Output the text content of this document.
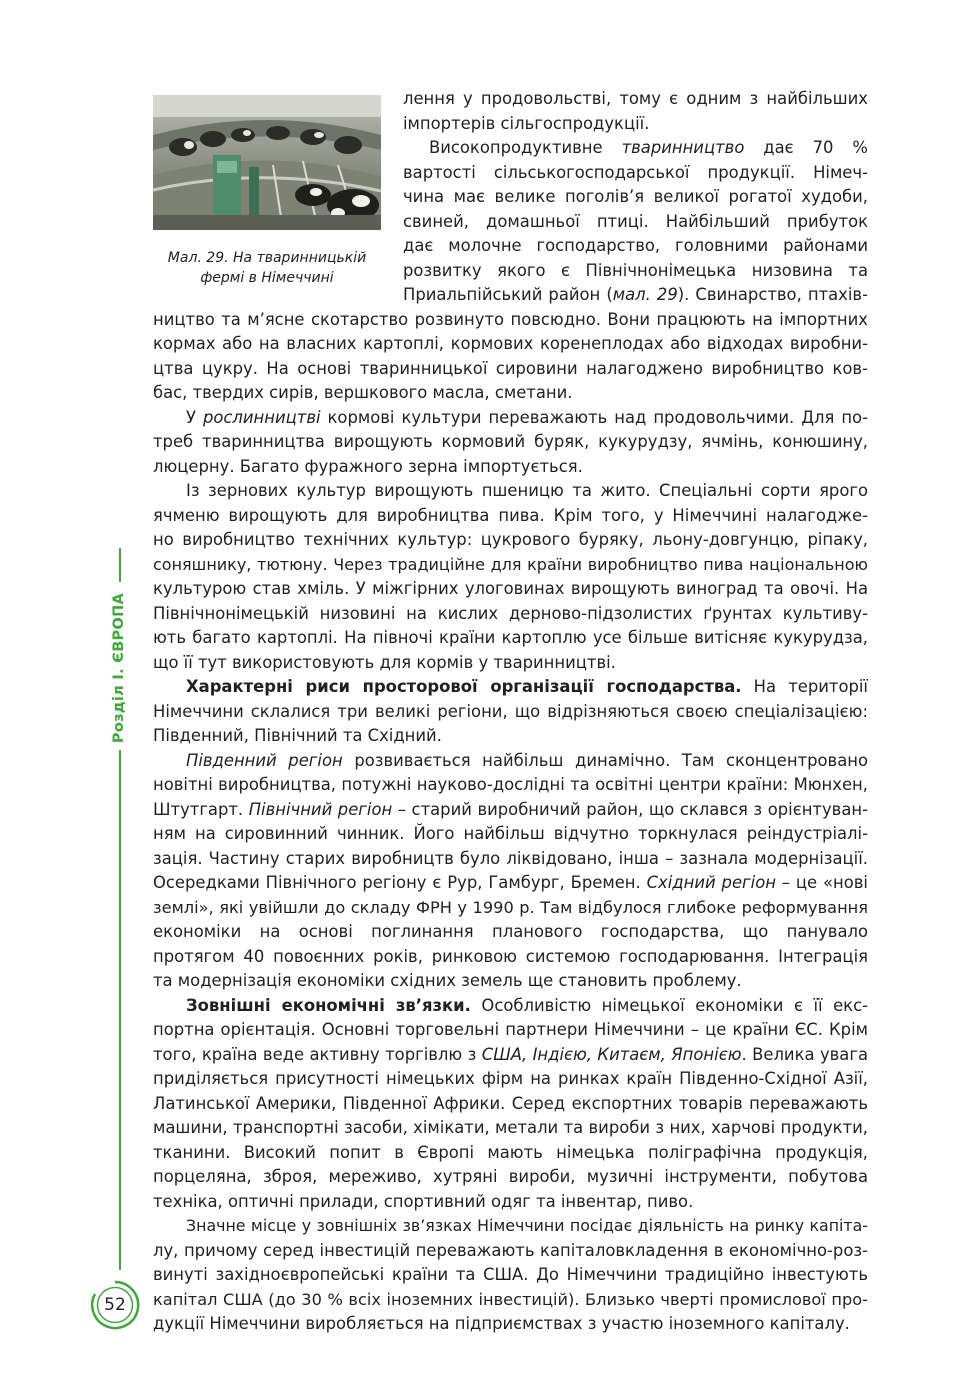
Мал. 29. На тваринницькій
фермі в Німеччині
лення у продовольстві, тому є одним з найбільших
імпортерів сільгоспродукції.
Високопродуктивне тваринництво дає 70 %
вартості сільськогосподарської продукції. Німеч-
чина має велике поголів’я великої рогатої худоби,
свиней, домашньої птиці. Найбільший прибуток
дає молочне господарство, головними районами
розвитку якого є Північнонімецька низовина та
Приальпійський район (мал. 29). Свинарство, птахів-
ництво та м’ясне скотарство розвинуто повсюдно. Вони працюють на імпортних
кормах або на власних картоплі, кормових коренеплодах або відходах виробни-
цтва цукру. На основі тваринницької сировини налагоджено виробництво ков-
бас, твердих сирів, вершкового масла, сметани.
У рослинництві кормові культури переважають над продовольчими. Для по-
треб тваринництва вирощують кормовий буряк, кукурудзу, ячмінь, конюшину,
люцерну. Багато фуражного зерна імпортується.
Із зернових культур вирощують пшеницю та жито. Спеціальні сорти ярого
ячменю вирощують для виробництва пива. Крім того, у Німеччині налагодже-
но виробництво технічних культур: цукрового буряку, льону-довгунцю, ріпаку,
соняшнику, тютюну. Через традиційне для країни виробництво пива національною
культурою став хміль. У міжгірних улоговинах вирощують виноград та овочі. На
Північнонімецькій низовині на кислих дерново-підзолистих ґрунтах культиву-
ють багато картоплі. На півночі країни картоплю усе більше витісняє кукурудза,
що її тут використовують для кормів у тваринництві.
Характерні риси просторової організації господарства. На території
Німеччини склалися три великі регіони, що відрізняються своєю спеціалізацією:
Південний, Північний та Східний.
Південний регіон розвивається найбільш динамічно. Там сконцентровано
новітні виробництва, потужні науково-дослідні та освітні центри країни: Мюнхен,
Штутгарт. Північний регіон – старий виробничий район, що склався з орієнтуван-
ням на сировинний чинник. Його найбільш відчутно торкнулася реіндустріалі-
зація. Частину старих виробництв було ліквідовано, інша – зазнала модернізації.
Осередками Північного регіону є Рур, Гамбург, Бремен. Східний регіон – це «нові
землі», які увійшли до складу ФРН у 1990 р. Там відбулося глибоке реформування
економіки на основі поглинання планового господарства, що панувало
протягом 40 повоєнних років, ринковою системою господарювання. Інтеграція
та модернізація економіки східних земель ще становить проблему.
Зовнішні економічні зв’язки. Особливістю німецької економіки є її екс-
портна орієнтація. Основні торговельні партнери Німеччини – це країни ЄС. Крім
того, країна веде активну торгівлю з США, Індією, Китаєм, Японією. Велика увага
приділяється присутності німецьких фірм на ринках країн Південно-Східної Азії,
Латинської Америки, Південної Африки. Серед експортних товарів переважають
машини, транспортні засоби, хімікати, метали та вироби з них, харчові продукти,
тканини. Високий попит в Європі мають німецька поліграфічна продукція,
порцеляна, зброя, мереживо, хутряні вироби, музичні інструменти, побутова
техніка, оптичні прилади, спортивний одяг та інвентар, пиво.
Значне місце у зовнішніх зв’язках Німеччини посідає діяльність на ринку капіта-
лу, причому серед інвестицій переважають капіталовкладення в економічно-роз-
винуті західноєвропейські країни та США. До Німеччини традиційно інвестують
капітал США (до 30 % всіх іноземних інвестицій). Близько чверті промислової про-
дукції Німеччини виробляється на підприємствах з участю іноземного капіталу.
Розділ І. ЄВРОПА
52
